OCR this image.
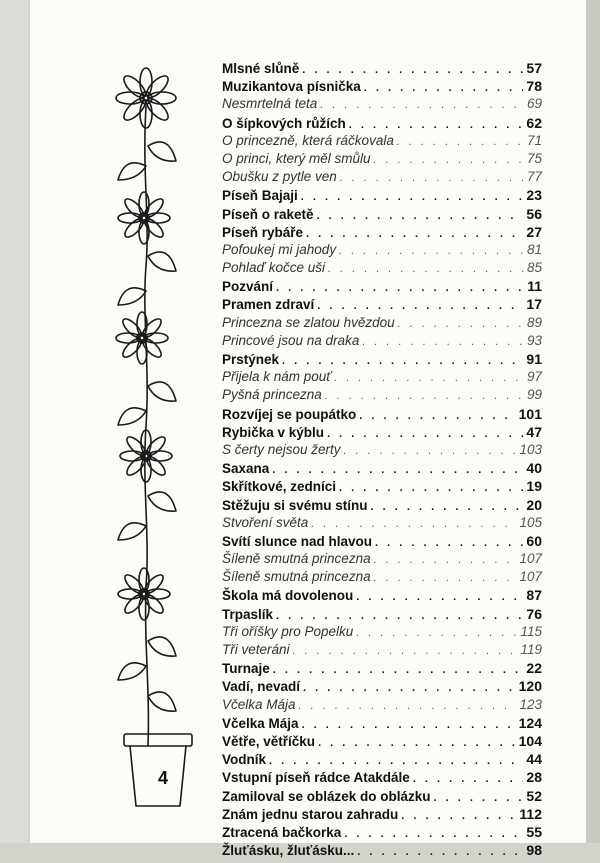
4
Mlsné slůně . . .	57
Muzikantova písnička . . .	78
Nesmrtelná teta . . .	69
O šípkových růžích . . .	62
O princezně, která ráčkovala . . .	71
O princi, který měl smůlu . . .	75
Obušku z pytle ven . . .	77
Píseň Bajaji . . .	23
Píseň o raketě . . .	56
Píseň rybáře . . .	27
Pofoukej mi jahody . . .	81
Pohlaď kočce uši . . .	85
Pozvání . . .	11
Pramen zdraví . . .	17
Princezna se zlatou hvězdou . . .	89
Princové jsou na draka . . .	93
Prstýnek . . .	91
Přijela k nám pouť . . .	97
Pyšná princezna . . .	99
Rozvíjej se poupátko . . .	101
Rybička v kýblu . . .	47
S čerty nejsou žerty . . .	103
Saxana . . .	40
Skřítkové, zedníci . . .	19
Stěžuju si svému stínu . . .	20
Stvoření světa . . .	105
Svítí slunce nad hlavou . . .	60
Šíleně smutná princezna . . .	107
Šíleně smutná princezna . . .	107
Škola má dovolenou . . .	87
Trpaslík . . .	76
Tři oříšky pro Popelku . . .	115
Tři veteráni . . .	119
Turnaje . . .	22
Vadí, nevadí . . .	120
Včelka Mája . . .	123
Včelka Mája . . .	124
Větře, větříčku . . .	104
Vodník . . .	44
Vstupní píseň rádce Atakdále . . .	28
Zamiloval se oblázek do oblázku . . .	52
Znám jednu starou zahradu . . .	112
Ztracená bačkorka . . .	55
Žluťásku, žluťásku... . . .	98
